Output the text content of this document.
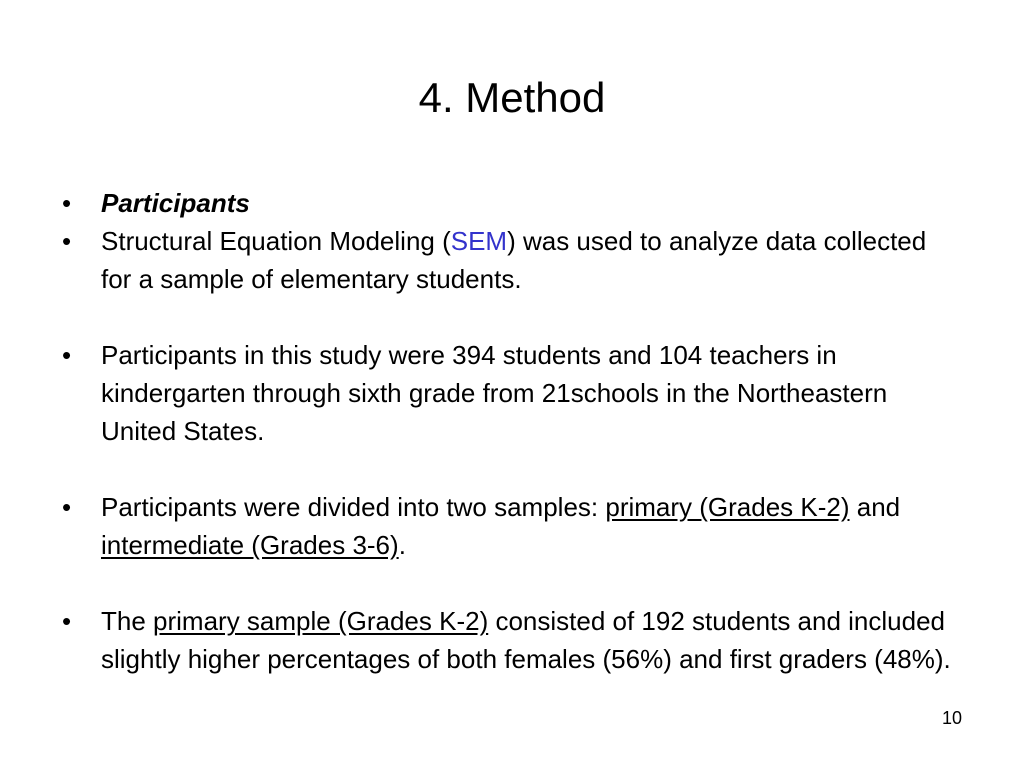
4. Method
• Participants
• Structural Equation Modeling (SEM) was used to analyze data collected for a sample of elementary students.
• Participants in this study were 394 students and 104 teachers in kindergarten through sixth grade from 21schools in the Northeastern United States.
• Participants were divided into two samples: primary (Grades K-2) and intermediate (Grades 3-6).
• The primary sample (Grades K-2) consisted of 192 students and included slightly higher percentages of both females (56%) and first graders (48%).
10
